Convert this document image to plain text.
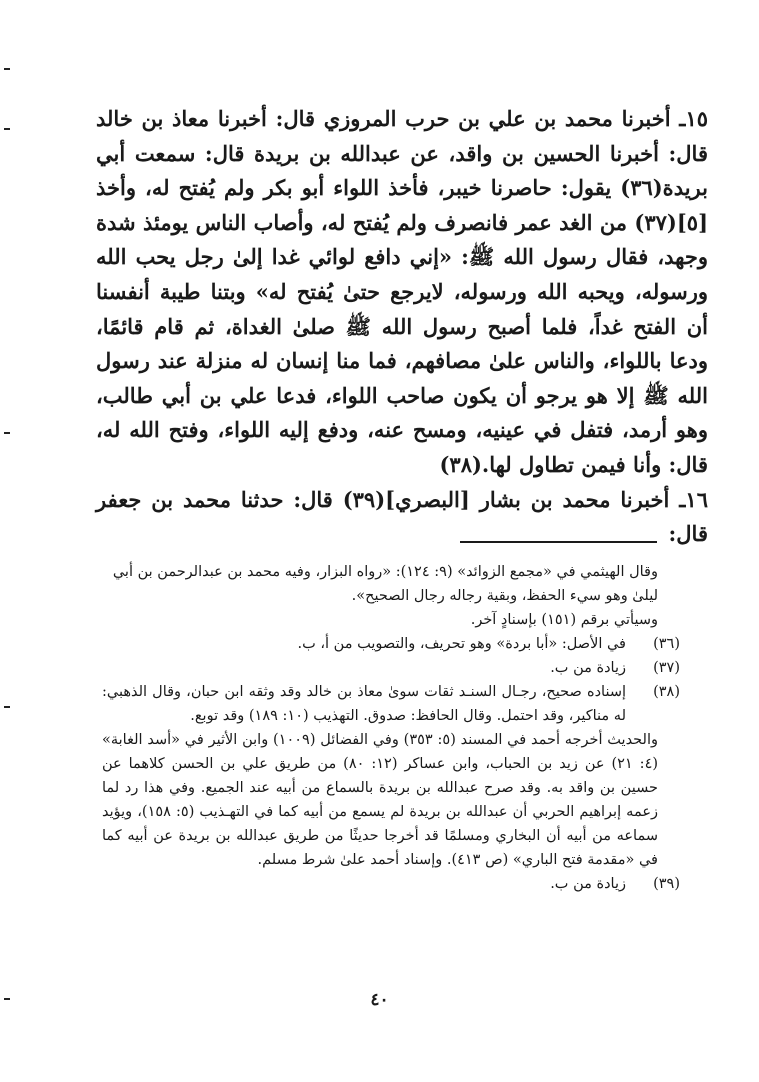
١٥ـ أخبرنا محمد بن علي بن حرب المروزي قال: أخبرنا معاذ بن خالد قال: أخبرنا الحسين بن واقد، عن عبدالله بن بريدة قال: سمعت أبي بريدة(٣٦) يقول: حاصرنا خيبر، فأخذ اللواء أبو بكر ولم يُفتح له، وأخذ [٥](٣٧) من الغد عمر فانصرف ولم يُفتح له، وأصاب الناس يومئذ شدة وجهد، فقال رسول الله ﷺ: «إني دافع لوائي غدا إلىٰ رجل يحب الله ورسوله، ويحبه الله ورسوله، لايرجع حتىٰ يُفتح له» وبتنا طيبة أنفسنا أن الفتح غداً، فلما أصبح رسول الله ﷺ صلىٰ الغداة، ثم قام قائمًا، ودعا باللواء، والناس علىٰ مصافهم، فما منا إنسان له منزلة عند رسول الله ﷺ إلا هو يرجو أن يكون صاحب اللواء، فدعا علي بن أبي طالب، وهو أرمد، فتفل في عينيه، ومسح عنه، ودفع إليه اللواء، وفتح الله له، قال: وأنا فيمن تطاول لها.(٣٨)

١٦ـ أخبرنا محمد بن بشار [البصري](٣٩) قال: حدثنا محمد بن جعفر قال:

وقال الهيثمي في «مجمع الزوائد» (٩: ١٢٤): «رواه البزار، وفيه محمد بن عبدالرحمن بن أبي ليلىٰ وهو سيء الحفظ، وبقية رجاله رجال الصحيح».

وسيأتي برقم (١٥١) بإسنادٍ آخر.

(٣٦)
في الأصل: «أبا بردة» وهو تحريف، والتصويب من أ، ب.
(٣٧)
زيادة من ب.
(٣٨)

إسناده صحيح، رجـال السنـد ثقات سوىٰ معاذ بن خالد وقد وثقه ابن حبان، وقال الذهبي: له مناكير، وقد احتمل. وقال الحافظ: صدوق. التهذيب (١٠: ١٨٩) وقد توبع.

والحديث أخرجه أحمد في المسند (٥: ٣٥٣) وفي الفضائل (١٠٠٩) وابن الأثير في «أسد الغابة» (٤: ٢١) عن زيد بن الحباب، وابن عساكر (١٢: ٨٠) من طريق علي بن الحسن كلاهما عن حسين بن واقد به. وقد صرح عبدالله بن بريدة بالسماع من أبيه عند الجميع. وفي هذا رد لما زعمه إبراهيم الحربي أن عبدالله بن بريدة لم يسمع من أبيه كما في التهـذيب (٥: ١٥٨)، ويؤيد سماعه من أبيه أن البخاري ومسلمًا قد أخرجا حديثًا من طريق عبدالله بن بريدة عن أبيه كما في «مقدمة فتح الباري» (ص ٤١٣). وإسناد أحمد علىٰ شرط مسلم.

(٣٩)
زيادة من ب.
٤٠
